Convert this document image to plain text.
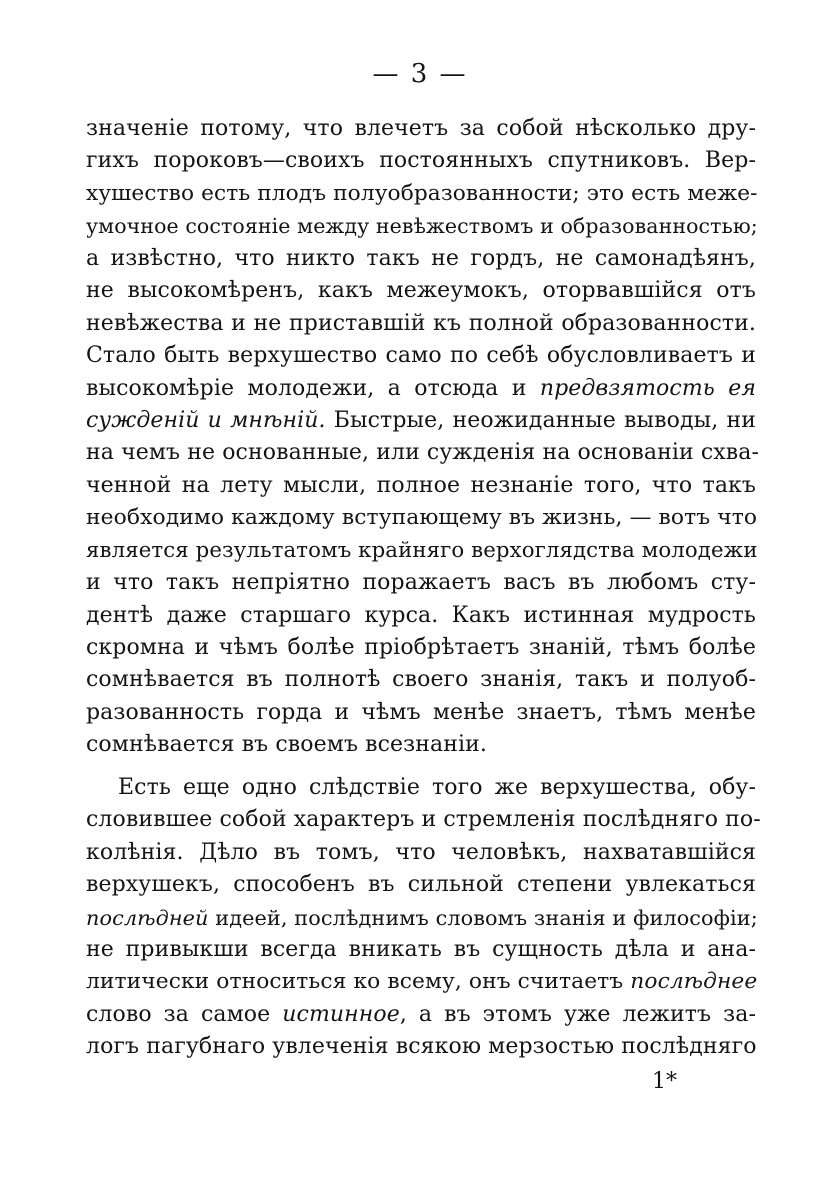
— 3 —
значеніе потому, что влечетъ за собой нѣсколько дру-
гихъ пороковъ—своихъ постоянныхъ спутниковъ. Вер-
хушество есть плодъ полуобразованности; это есть меже-
умочное состояніе между невѣжествомъ и образованностью;
а извѣстно, что никто такъ не гордъ, не самонадѣянъ,
не высокомѣренъ, какъ межеумокъ, оторвавшійся отъ
невѣжества и не приставшій къ полной образованности.
Стало быть верхушество само по себѣ обусловливаетъ и
высокомѣріе молодежи, а отсюда и предвзятость ея
сужденій и мнѣній. Быстрые, неожиданные выводы, ни
на чемъ не основанные, или сужденія на основаніи схва-
ченной на лету мысли, полное незнаніе того, что такъ
необходимо каждому вступающему въ жизнь, — вотъ что
является результатомъ крайняго верхоглядства молодежи
и что такъ непріятно поражаетъ васъ въ любомъ сту-
дентѣ даже старшаго курса. Какъ истинная мудрость
скромна и чѣмъ болѣе пріобрѣтаетъ знаній, тѣмъ болѣе
сомнѣвается въ полнотѣ своего знанія, такъ и полуоб-
разованность горда и чѣмъ менѣе знаетъ, тѣмъ менѣе
сомнѣвается въ своемъ всезнаніи.
Есть еще одно слѣдствіе того же верхушества, обу-
словившее собой характеръ и стремленія послѣдняго по-
колѣнія. Дѣло въ томъ, что человѣкъ, нахватавшійся
верхушекъ, способенъ въ сильной степени увлекаться
послѣдней идеей, послѣднимъ словомъ знанія и философіи;
не привыкши всегда вникать въ сущность дѣла и ана-
литически относиться ко всему, онъ считаетъ послѣднее
слово за самое истинное, а въ этомъ уже лежитъ за-
логъ пагубнаго увлеченія всякою мерзостью послѣдняго
1*
